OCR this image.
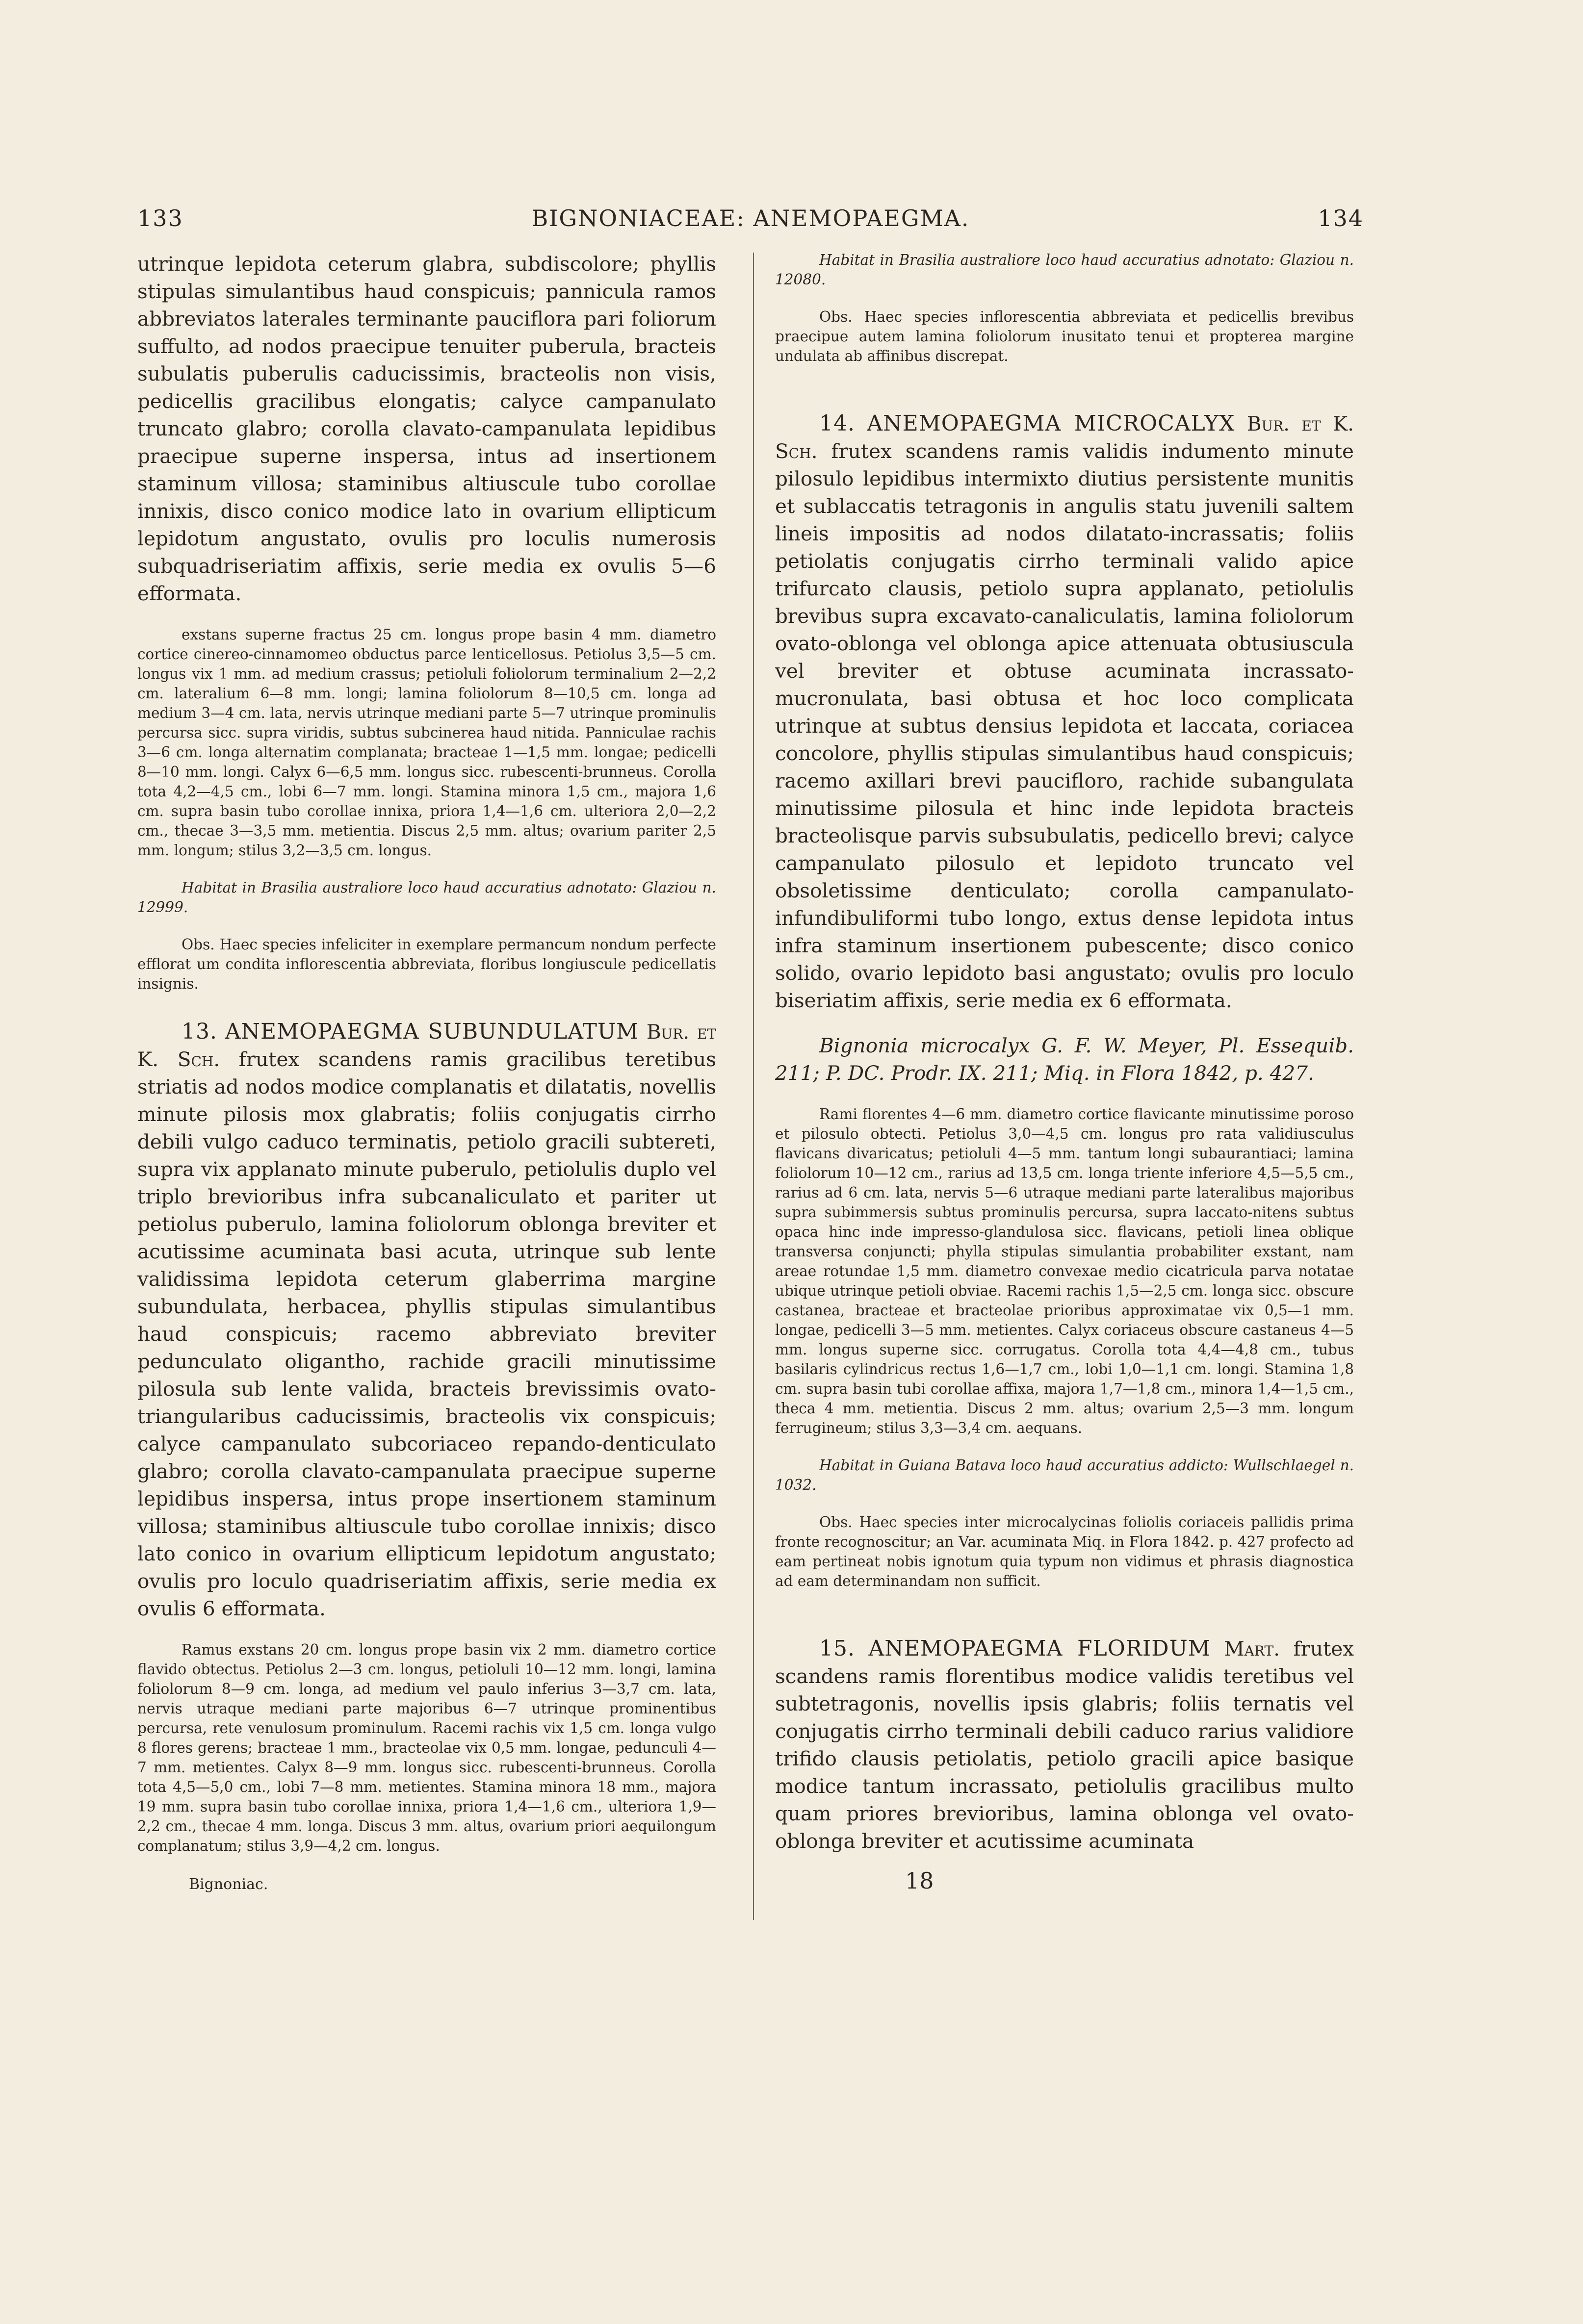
133	BIGNONIACEAE: ANEMOPAEGMA.	134

utrinque lepidota ceterum glabra, subdiscolore; phyllis stipulas simulantibus haud conspicuis; pannicula ramos abbreviatos laterales terminante pauciflora pari foliorum suffulto, ad nodos praecipue tenuiter puberula, bracteis subulatis puberulis caducissimis, bracteolis non visis, pedicellis gracilibus elongatis; calyce campanulato truncato glabro; corolla clavato-campanulata lepidibus praecipue superne inspersa, intus ad insertionem staminum villosa; staminibus altiuscule tubo corollae innixis, disco conico modice lato in ovarium ellipticum lepidotum angustato, ovulis pro loculis numerosis subquadriseriatim affixis, serie media ex ovulis 5—6 efformata.

exstans superne fractus 25 cm. longus prope basin 4 mm. diametro cortice cinereo-cinnamomeo obductus parce lenticellosus. Petiolus 3,5—5 cm. longus vix 1 mm. ad medium crassus; petioluli foliolorum terminalium 2—2,2 cm. lateralium 6—8 mm. longi; lamina foliolorum 8—10,5 cm. longa ad medium 3—4 cm. lata, nervis utrinque mediani parte 5—7 utrinque prominulis percursa sicc. supra viridis, subtus subcinerea haud nitida. Panniculae rachis 3—6 cm. longa alternatim complanata; bracteae 1—1,5 mm. longae; pedicelli 8—10 mm. longi. Calyx 6—6,5 mm. longus sicc. rubescenti-brunneus. Corolla tota 4,2—4,5 cm., lobi 6—7 mm. longi. Stamina minora 1,5 cm., majora 1,6 cm. supra basin tubo corollae innixa, priora 1,4—1,6 cm. ulteriora 2,0—2,2 cm., thecae 3—3,5 mm. metientia. Discus 2,5 mm. altus; ovarium pariter 2,5 mm. longum; stilus 3,2—3,5 cm. longus.

Habitat in Brasilia australiore loco haud accuratius adnotato: Glaziou n. 12999.

Obs. Haec species infeliciter in exemplare permancum nondum perfecte efflorat um condita inflorescentia abbreviata, floribus longiuscule pedicellatis insignis.

13. ANEMOPAEGMA SUBUNDULATUM Bur. et K. Sch. frutex scandens ramis gracilibus teretibus striatis ad nodos modice complanatis et dilatatis, novellis minute pilosis mox glabratis; foliis conjugatis cirrho debili vulgo caduco terminatis, petiolo gracili subtereti, supra vix applanato minute puberulo, petiolulis duplo vel triplo brevioribus infra subcanaliculato et pariter ut petiolus puberulo, lamina foliolorum oblonga breviter et acutissime acuminata basi acuta, utrinque sub lente validissima lepidota ceterum glaberrima margine subundulata, herbacea, phyllis stipulas simulantibus haud conspicuis; racemo abbreviato breviter pedunculato oligantho, rachide gracili minutissime pilosula sub lente valida, bracteis brevissimis ovato-triangularibus caducissimis, bracteolis vix conspicuis; calyce campanulato subcoriaceo repando-denticulato glabro; corolla clavato-campanulata praecipue superne lepidibus inspersa, intus prope insertionem staminum villosa; staminibus altiuscule tubo corollae innixis; disco lato conico in ovarium ellipticum lepidotum angustato; ovulis pro loculo quadriseriatim affixis, serie media ex ovulis 6 efformata.

Ramus exstans 20 cm. longus prope basin vix 2 mm. diametro cortice flavido obtectus. Petiolus 2—3 cm. longus, petioluli 10—12 mm. longi, lamina foliolorum 8—9 cm. longa, ad medium vel paulo inferius 3—3,7 cm. lata, nervis utraque mediani parte majoribus 6—7 utrinque prominentibus percursa, rete venulosum prominulum. Racemi rachis vix 1,5 cm. longa vulgo 8 flores gerens; bracteae 1 mm., bracteolae vix 0,5 mm. longae, pedunculi 4—7 mm. metientes. Calyx 8—9 mm. longus sicc. rubescenti-brunneus. Corolla tota 4,5—5,0 cm., lobi 7—8 mm. metientes. Stamina minora 18 mm., majora 19 mm. supra basin tubo corollae innixa, priora 1,4—1,6 cm., ulteriora 1,9—2,2 cm., thecae 4 mm. longa. Discus 3 mm. altus, ovarium priori aequilongum complanatum; stilus 3,9—4,2 cm. longus.

Bignoniac.

Habitat in Brasilia australiore loco haud accuratius adnotato: Glaziou n. 12080.

Obs. Haec species inflorescentia abbreviata et pedicellis brevibus praecipue autem lamina foliolorum inusitato tenui et propterea margine undulata ab affinibus discrepat.

14. ANEMOPAEGMA MICROCALYX Bur. et K. Sch. frutex scandens ramis validis indumento minute pilosulo lepidibus intermixto diutius persistente munitis et sublaccatis tetragonis in angulis statu juvenili saltem lineis impositis ad nodos dilatato-incrassatis; foliis petiolatis conjugatis cirrho terminali valido apice trifurcato clausis, petiolo supra applanato, petiolulis brevibus supra excavato-canaliculatis, lamina foliolorum ovato-oblonga vel oblonga apice attenuata obtusiuscula vel breviter et obtuse acuminata incrassato-mucronulata, basi obtusa et hoc loco complicata utrinque at subtus densius lepidota et laccata, coriacea concolore, phyllis stipulas simulantibus haud conspicuis; racemo axillari brevi paucifloro, rachide subangulata minutissime pilosula et hinc inde lepidota bracteis bracteolisque parvis subsubulatis, pedicello brevi; calyce campanulato pilosulo et lepidoto truncato vel obsoletissime denticulato; corolla campanulato-infundibuliformi tubo longo, extus dense lepidota intus infra staminum insertionem pubescente; disco conico solido, ovario lepidoto basi angustato; ovulis pro loculo biseriatim affixis, serie media ex 6 efformata.

Bignonia microcalyx G. F. W. Meyer, Pl. Essequib. 211; P. DC. Prodr. IX. 211; Miq. in Flora 1842, p. 427.

Rami florentes 4—6 mm. diametro cortice flavicante minutissime poroso et pilosulo obtecti. Petiolus 3,0—4,5 cm. longus pro rata validiusculus flavicans divaricatus; petioluli 4—5 mm. tantum longi subaurantiaci; lamina foliolorum 10—12 cm., rarius ad 13,5 cm. longa triente inferiore 4,5—5,5 cm., rarius ad 6 cm. lata, nervis 5—6 utraque mediani parte lateralibus majoribus supra subimmersis subtus prominulis percursa, supra laccato-nitens subtus opaca hinc inde impresso-glandulosa sicc. flavicans, petioli linea oblique transversa conjuncti; phylla stipulas simulantia probabiliter exstant, nam areae rotundae 1,5 mm. diametro convexae medio cicatricula parva notatae ubique utrinque petioli obviae. Racemi rachis 1,5—2,5 cm. longa sicc. obscure castanea, bracteae et bracteolae prioribus approximatae vix 0,5—1 mm. longae, pedicelli 3—5 mm. metientes. Calyx coriaceus obscure castaneus 4—5 mm. longus superne sicc. corrugatus. Corolla tota 4,4—4,8 cm., tubus basilaris cylindricus rectus 1,6—1,7 cm., lobi 1,0—1,1 cm. longi. Stamina 1,8 cm. supra basin tubi corollae affixa, majora 1,7—1,8 cm., minora 1,4—1,5 cm., theca 4 mm. metientia. Discus 2 mm. altus; ovarium 2,5—3 mm. longum ferrugineum; stilus 3,3—3,4 cm. aequans.

Habitat in Guiana Batava loco haud accuratius addicto: Wullschlaegel n. 1032.

Obs. Haec species inter microcalycinas foliolis coriaceis pallidis prima fronte recognoscitur; an Var. acuminata Miq. in Flora 1842. p. 427 profecto ad eam pertineat nobis ignotum quia typum non vidimus et phrasis diagnostica ad eam determinandam non sufficit.

15. ANEMOPAEGMA FLORIDUM Mart. frutex scandens ramis florentibus modice validis teretibus vel subtetragonis, novellis ipsis glabris; foliis ternatis vel conjugatis cirrho terminali debili caduco rarius validiore trifido clausis petiolatis, petiolo gracili apice basique modice tantum incrassato, petiolulis gracilibus multo quam priores brevioribus, lamina oblonga vel ovato-oblonga breviter et acutissime acuminata

18
